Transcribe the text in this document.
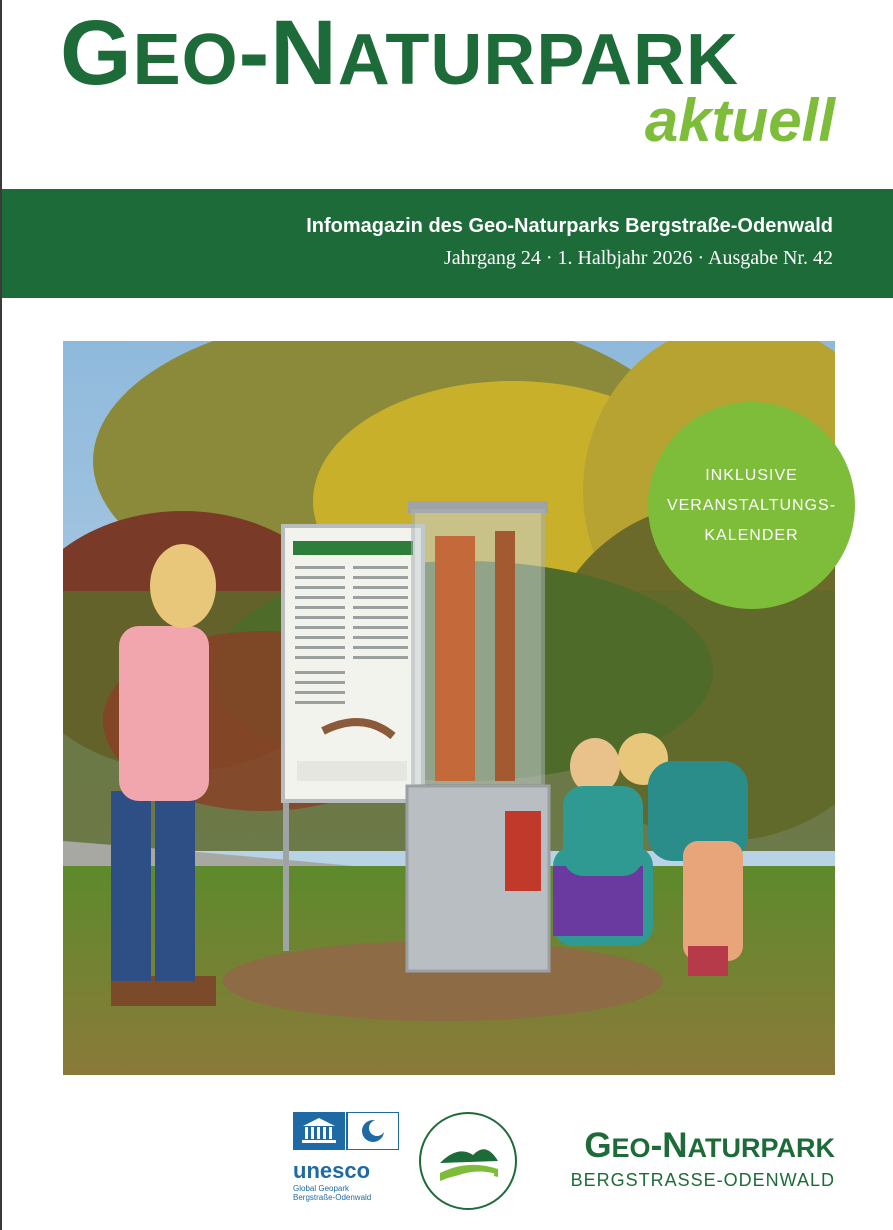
GEO-NATURPARK
aktuell
Infomagazin des Geo-Naturparks Bergstraße-Odenwald
Jahrgang 24 · 1. Halbjahr 2026 · Ausgabe Nr. 42
INKLUSIVE
VERANSTALTUNGS-
KALENDER
unesco
Global Geopark
Bergstraße-Odenwald
GEO-NATURPARK
BERGSTRASSE-ODENWALD
